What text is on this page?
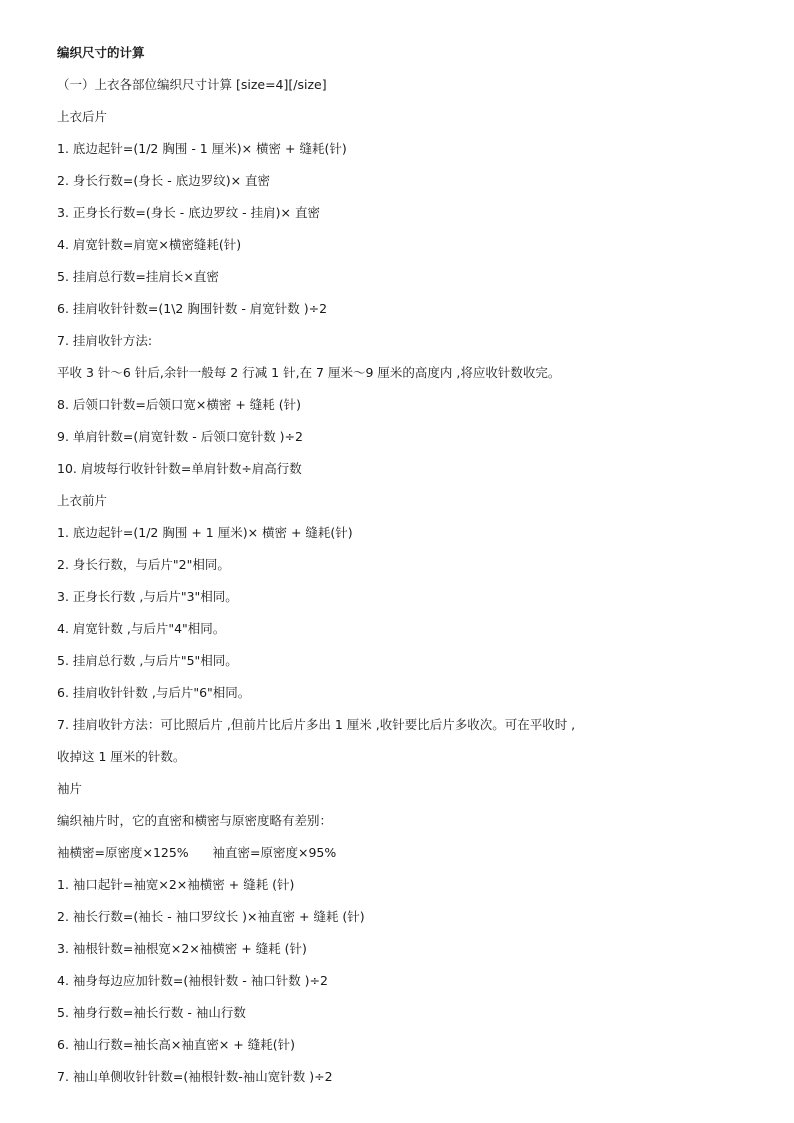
编织尺寸的计算
（一）上衣各部位编织尺寸计算 [size=4][/size]
上衣后片
1. 底边起针=(1/2 胸围 - 1 厘米)× 横密 + 缝耗(针)
2. 身长行数=(身长 - 底边罗纹)× 直密
3. 正身长行数=(身长 - 底边罗纹 - 挂肩)× 直密
4. 肩宽针数=肩宽×横密缝耗(针)
5. 挂肩总行数=挂肩长×直密
6. 挂肩收针针数=(1\2 胸围针数 - 肩宽针数 )÷2
7. 挂肩收针方法:
平收 3 针～6 针后,余针一般每 2 行减 1 针,在 7 厘米～9 厘米的高度内 ,将应收针数收完。
8. 后领口针数=后领口宽×横密 + 缝耗 (针)
9. 单肩针数=(肩宽针数 - 后领口宽针数 )÷2
10. 肩坡每行收针针数=单肩针数÷肩高行数
上衣前片
1. 底边起针=(1/2 胸围 + 1 厘米)× 横密 + 缝耗(针)
2. 身长行数，与后片"2"相同。
3. 正身长行数 ,与后片"3"相同。
4. 肩宽针数 ,与后片"4"相同。
5. 挂肩总行数 ,与后片"5"相同。
6. 挂肩收针针数 ,与后片"6"相同。
7. 挂肩收针方法：可比照后片 ,但前片比后片多出 1 厘米 ,收针要比后片多收次。可在平收时 ,
收掉这 1 厘米的针数。
袖片
编织袖片时，它的直密和横密与原密度略有差别：
袖横密=原密度×125%      袖直密=原密度×95%
1. 袖口起针=袖宽×2×袖横密 + 缝耗 (针)
2. 袖长行数=(袖长 - 袖口罗纹长 )×袖直密 + 缝耗 (针)
3. 袖根针数=袖根宽×2×袖横密 + 缝耗 (针)
4. 袖身每边应加针数=(袖根针数 - 袖口针数 )÷2
5. 袖身行数=袖长行数 - 袖山行数
6. 袖山行数=袖长高×袖直密× + 缝耗(针)
7. 袖山单侧收针针数=(袖根针数-袖山宽针数 )÷2
